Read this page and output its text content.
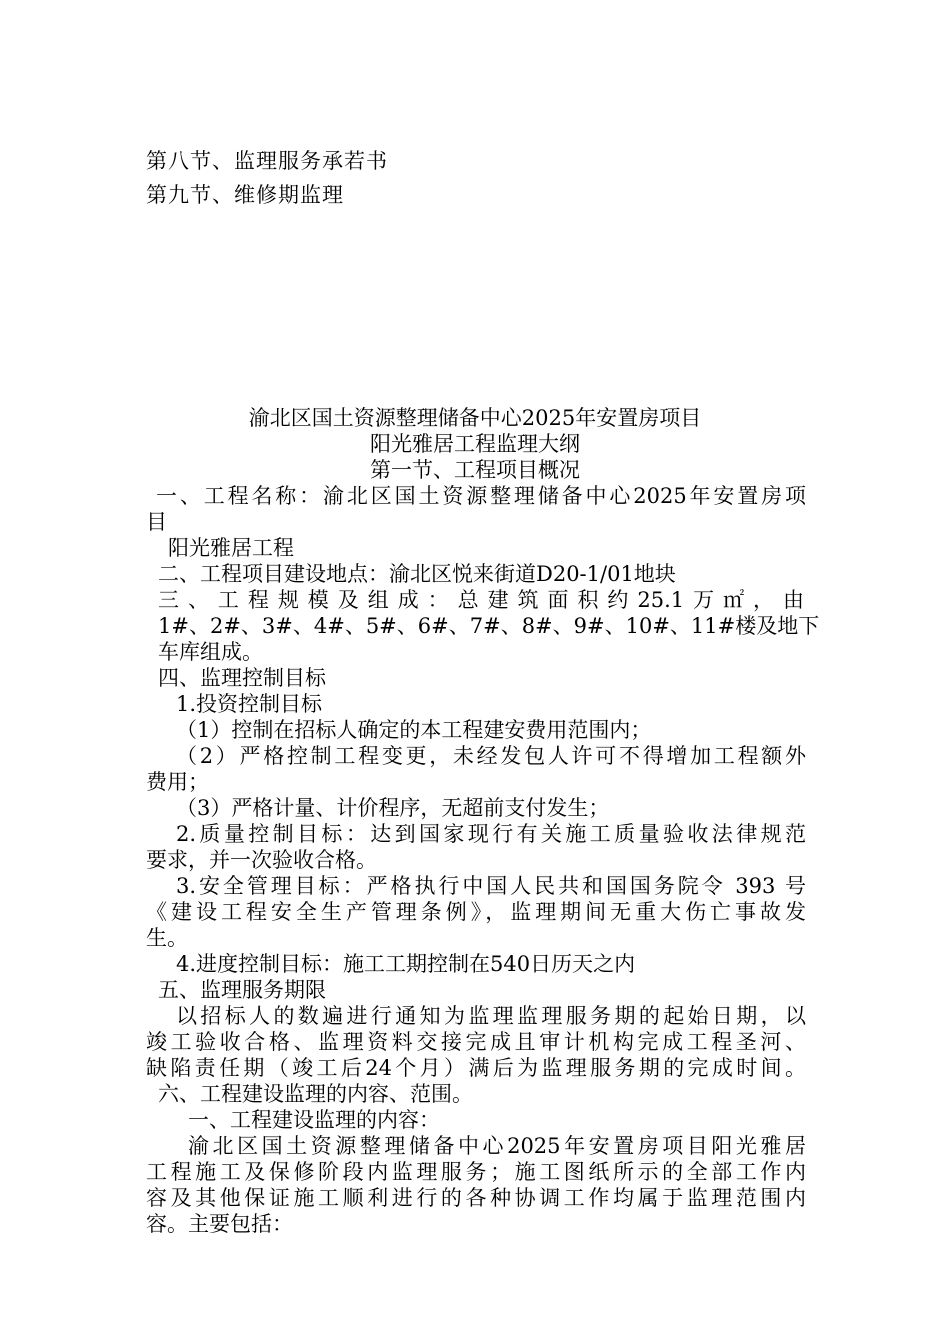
第八节、监理服务承若书
第九节、维修期监理
渝北区国土资源整理储备中心2025年安置房项目
阳光雅居工程监理大纲
第一节、工程项目概况
一、工程名称：渝北区国土资源整理储备中心2025年安置房项
目
阳光雅居工程
二、工程项目建设地点：渝北区悦来街道D20-1/01地块
三、工程规模及组成：总建筑面积约25.1万㎡，由
1#、2#、3#、4#、5#、6#、7#、8#、9#、10#、11#楼及地下
车库组成。
四、监理控制目标
1.投资控制目标
（1）控制在招标人确定的本工程建安费用范围内；
（2）严格控制工程变更，未经发包人许可不得增加工程额外
费用；
（3）严格计量、计价程序，无超前支付发生；
2.质量控制目标：达到国家现行有关施工质量验收法律规范
要求，并一次验收合格。
3.安全管理目标：严格执行中国人民共和国国务院令 393 号
《建设工程安全生产管理条例》，监理期间无重大伤亡事故发
生。
4.进度控制目标：施工工期控制在540日历天之内
五、监理服务期限
以招标人的数遍进行通知为监理监理服务期的起始日期，以
竣工验收合格、监理资料交接完成且审计机构完成工程圣河、
缺陷责任期（竣工后24个月）满后为监理服务期的完成时间。
六、工程建设监理的内容、范围。
一、工程建设监理的内容：
渝北区国土资源整理储备中心2025年安置房项目阳光雅居
工程施工及保修阶段内监理服务；施工图纸所示的全部工作内
容及其他保证施工顺利进行的各种协调工作均属于监理范围内
容。主要包括：
